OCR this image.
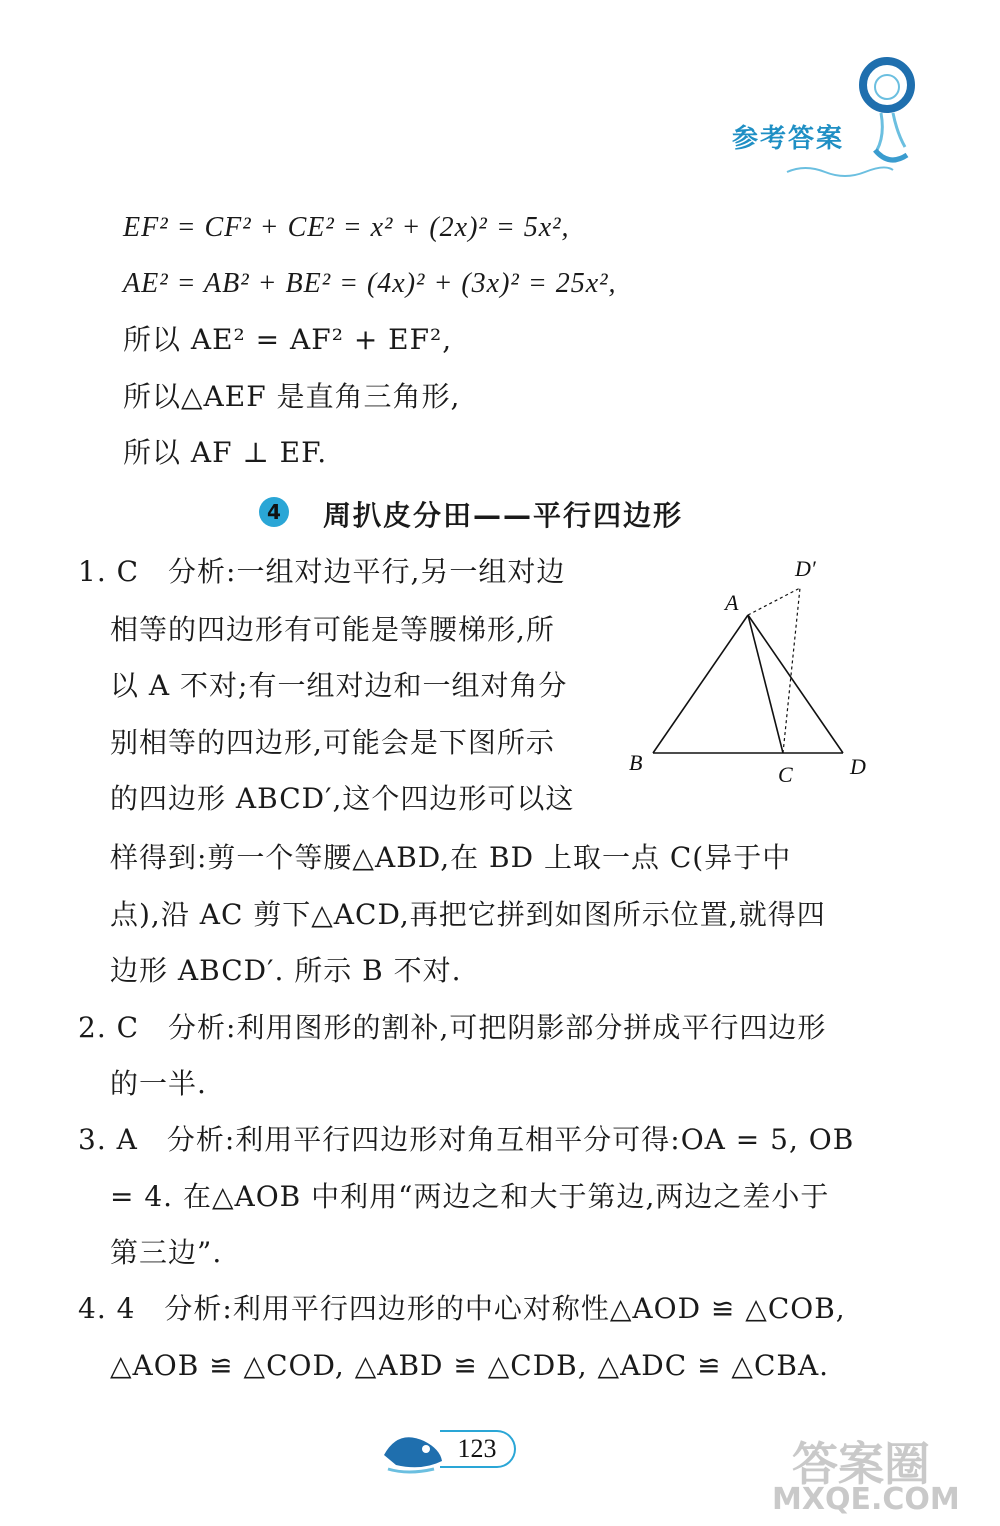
参考答案
EF² = CF² + CE² = x² + (2x)² = 5x²,
AE² = AB² + BE² = (4x)² + (3x)² = 25x²,
所以 AE² = AF² + EF²,
所以△AEF 是直角三角形,
所以 AF ⊥ EF.
4 周扒皮分田——平行四边形
1. C　分析:一组对边平行,另一组对边
相等的四边形有可能是等腰梯形,所
以 A 不对;有一组对边和一组对角分
别相等的四边形,可能会是下图所示
的四边形 ABCD′,这个四边形可以这
样得到:剪一个等腰△ABD,在 BD 上取一点 C(异于中
点),沿 AC 剪下△ACD,再把它拼到如图所示位置,就得四
边形 ABCD′. 所示 B 不对.
A
B	C	D
D′
2. C　分析:利用图形的割补,可把阴影部分拼成平行四边形
的一半.
3. A　分析:利用平行四边形对角互相平分可得:OA = 5, OB
= 4. 在△AOB 中利用“两边之和大于第边,两边之差小于
第三边”.
4. 4　分析:利用平行四边形的中心对称性△AOD ≌ △COB,
△AOB ≌ △COD, △ABD ≌ △CDB, △ADC ≌ △CBA.
123	答案圈
MXQE.COM
